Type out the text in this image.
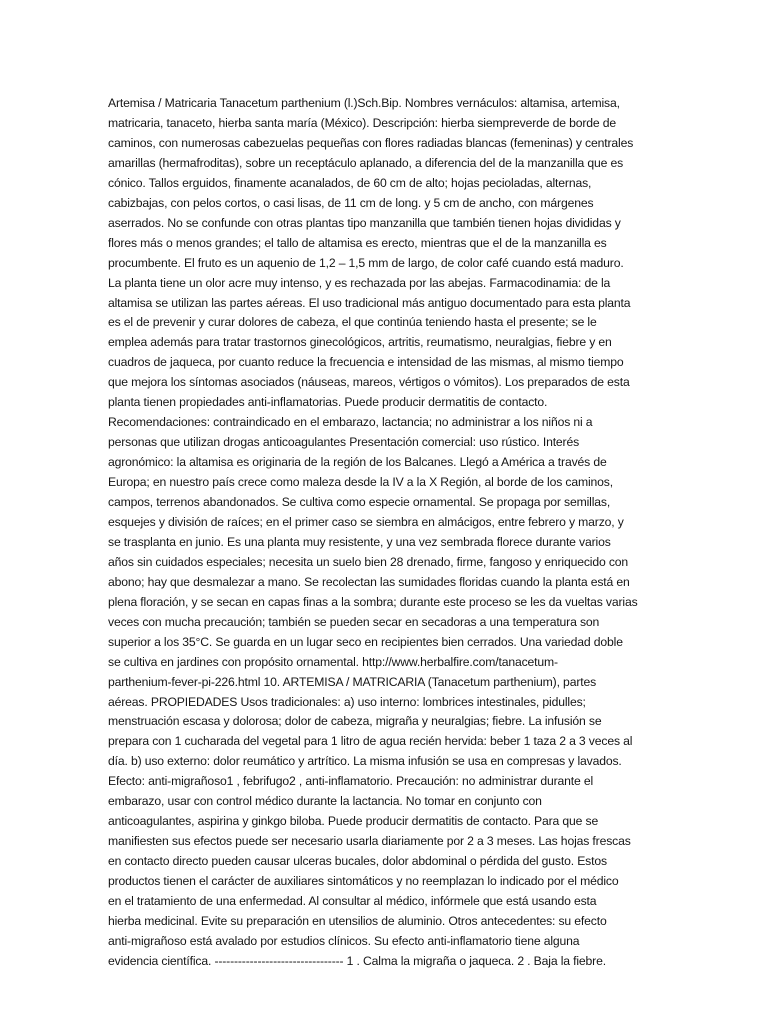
Artemisa / Matricaria Tanacetum parthenium (l.)Sch.Bip. Nombres vernáculos: altamisa, artemisa,
matricaria, tanaceto, hierba santa maría (México). Descripción: hierba siempreverde de borde de
caminos, con numerosas cabezuelas pequeñas con flores radiadas blancas (femeninas) y centrales
amarillas (hermafroditas), sobre un receptáculo aplanado, a diferencia del de la manzanilla que es
cónico. Tallos erguidos, finamente acanalados, de 60 cm de alto; hojas pecioladas, alternas,
cabizbajas, con pelos cortos, o casi lisas, de 11 cm de long. y 5 cm de ancho, con márgenes
aserrados. No se confunde con otras plantas tipo manzanilla que también tienen hojas divididas y
flores más o menos grandes; el tallo de altamisa es erecto, mientras que el de la manzanilla es
procumbente. El fruto es un aquenio de 1,2 – 1,5 mm de largo, de color café cuando está maduro.
La planta tiene un olor acre muy intenso, y es rechazada por las abejas. Farmacodinamia: de la
altamisa se utilizan las partes aéreas. El uso tradicional más antiguo documentado para esta planta
es el de prevenir y curar dolores de cabeza, el que continúa teniendo hasta el presente; se le
emplea además para tratar trastornos ginecológicos, artritis, reumatismo, neuralgias, fiebre y en
cuadros de jaqueca, por cuanto reduce la frecuencia e intensidad de las mismas, al mismo tiempo
que mejora los síntomas asociados (náuseas, mareos, vértigos o vómitos). Los preparados de esta
planta tienen propiedades anti-inflamatorias. Puede producir dermatitis de contacto.
Recomendaciones: contraindicado en el embarazo, lactancia; no administrar a los niños ni a
personas que utilizan drogas anticoagulantes Presentación comercial: uso rústico. Interés
agronómico: la altamisa es originaria de la región de los Balcanes. Llegó a América a través de
Europa; en nuestro país crece como maleza desde la IV a la X Región, al borde de los caminos,
campos, terrenos abandonados. Se cultiva como especie ornamental. Se propaga por semillas,
esquejes y división de raíces; en el primer caso se siembra en almácigos, entre febrero y marzo, y
se trasplanta en junio. Es una planta muy resistente, y una vez sembrada florece durante varios
años sin cuidados especiales; necesita un suelo bien 28 drenado, firme, fangoso y enriquecido con
abono; hay que desmalezar a mano. Se recolectan las sumidades floridas cuando la planta está en
plena floración, y se secan en capas finas a la sombra; durante este proceso se les da vueltas varias
veces con mucha precaución; también se pueden secar en secadoras a una temperatura son
superior a los 35°C. Se guarda en un lugar seco en recipientes bien cerrados. Una variedad doble
se cultiva en jardines con propósito ornamental. http://www.herbalfire.com/tanacetum-
parthenium-fever-pi-226.html 10. ARTEMISA / MATRICARIA (Tanacetum parthenium), partes
aéreas. PROPIEDADES Usos tradicionales: a) uso interno: lombrices intestinales, pidulles;
menstruación escasa y dolorosa; dolor de cabeza, migraña y neuralgias; fiebre. La infusión se
prepara con 1 cucharada del vegetal para 1 litro de agua recién hervida: beber 1 taza 2 a 3 veces al
día. b) uso externo: dolor reumático y artrítico. La misma infusión se usa en compresas y lavados.
Efecto: anti-migrañoso1 , febrifugo2 , anti-inflamatorio. Precaución: no administrar durante el
embarazo, usar con control médico durante la lactancia. No tomar en conjunto con
anticoagulantes, aspirina y ginkgo biloba. Puede producir dermatitis de contacto. Para que se
manifiesten sus efectos puede ser necesario usarla diariamente por 2 a 3 meses. Las hojas frescas
en contacto directo pueden causar ulceras bucales, dolor abdominal o pérdida del gusto. Estos
productos tienen el carácter de auxiliares sintomáticos y no reemplazan lo indicado por el médico
en el tratamiento de una enfermedad. Al consultar al médico, infórmele que está usando esta
hierba medicinal. Evite su preparación en utensilios de aluminio. Otros antecedentes: su efecto
anti-migrañoso está avalado por estudios clínicos. Su efecto anti-inflamatorio tiene alguna
evidencia científica. --------------------------------- 1 . Calma la migraña o jaqueca. 2 . Baja la fiebre.
